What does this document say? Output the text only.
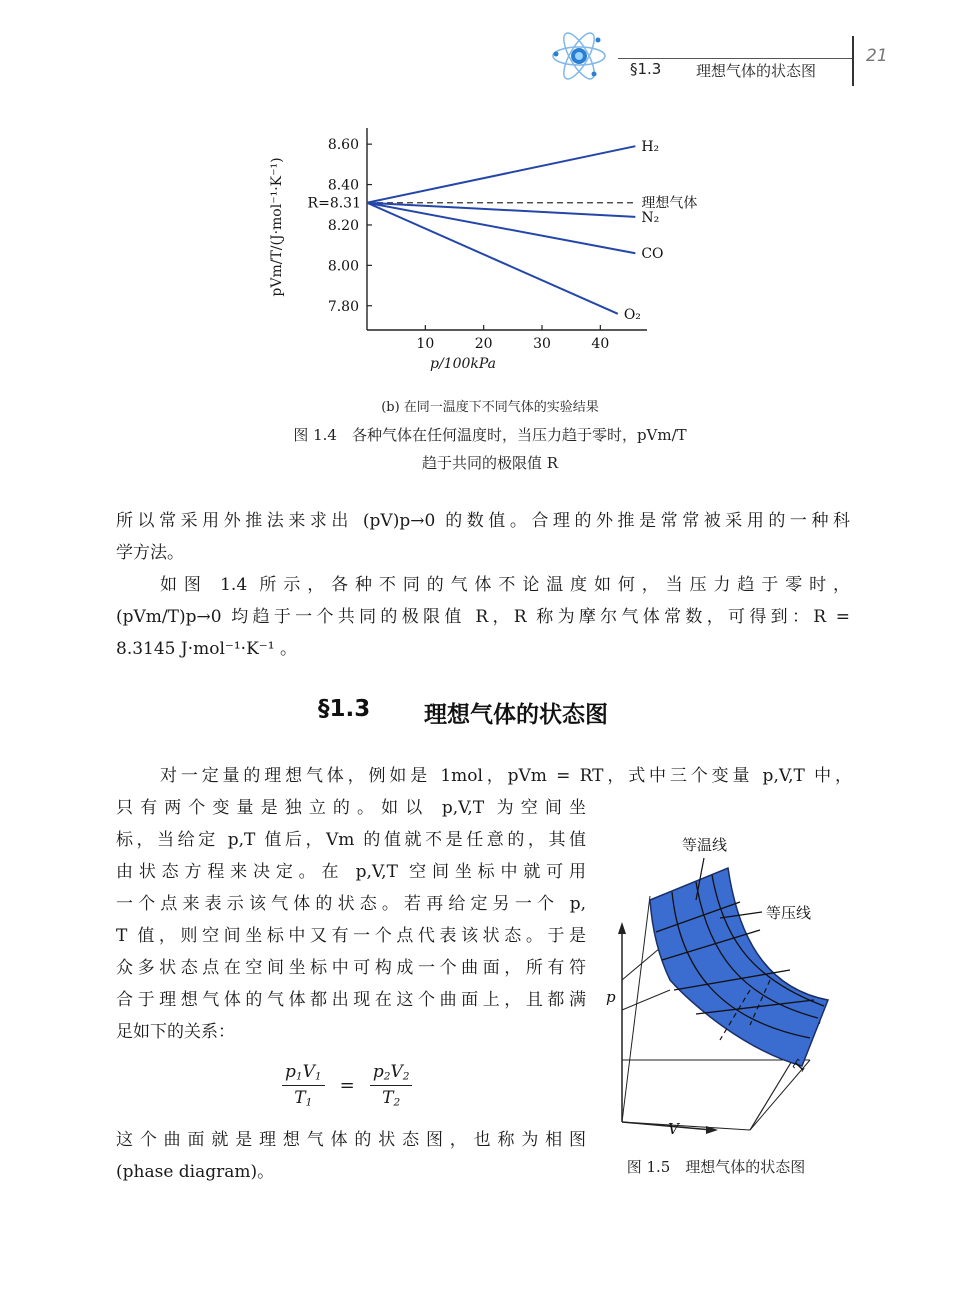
§1.3 理想气体的状态图
21
10	20	30	40
8.60
8.40
8.20
8.00
7.80
R=8.31
H₂
理想气体
N₂
CO
O₂
pVm/T/(J·mol⁻¹·K⁻¹)
p/100kPa
(b) 在同一温度下不同气体的实验结果
图 1.4　各种气体在任何温度时，当压力趋于零时，pVm/T
趋于共同的极限值 R

所以常采用外推法来求出 (pV)p→0 的数值。合理的外推是常常被采用的一种科

学方法。

如图 1.4 所示，各种不同的气体不论温度如何，当压力趋于零时，

(pVm/T)p→0 均趋于一个共同的极限值 R，R 称为摩尔气体常数，可得到：R =

8.3145 J·mol⁻¹·K⁻¹ 。

§1.3 理想气体的状态图

对一定量的理想气体，例如是 1mol，pVm = RT，式中三个变量 p,V,T 中，

只有两个变量是独立的。如以 p,V,T 为空间坐

标，当给定 p,T 值后，Vm 的值就不是任意的，其值

由状态方程来决定。在 p,V,T 空间坐标中就可用

一个点来表示该气体的状态。若再给定另一个 p,

T 值，则空间坐标中又有一个点代表该状态。于是

众多状态点在空间坐标中可构成一个曲面，所有符

合于理想气体的气体都出现在这个曲面上，且都满

足如下的关系：

$\frac{p_1V_1}{T_1} = \frac{p_2V_2}{T_2}$

这个曲面就是理想气体的状态图，也称为相图

(phase diagram)。

等温线
等压线
p
V
T
图 1.5　理想气体的状态图
